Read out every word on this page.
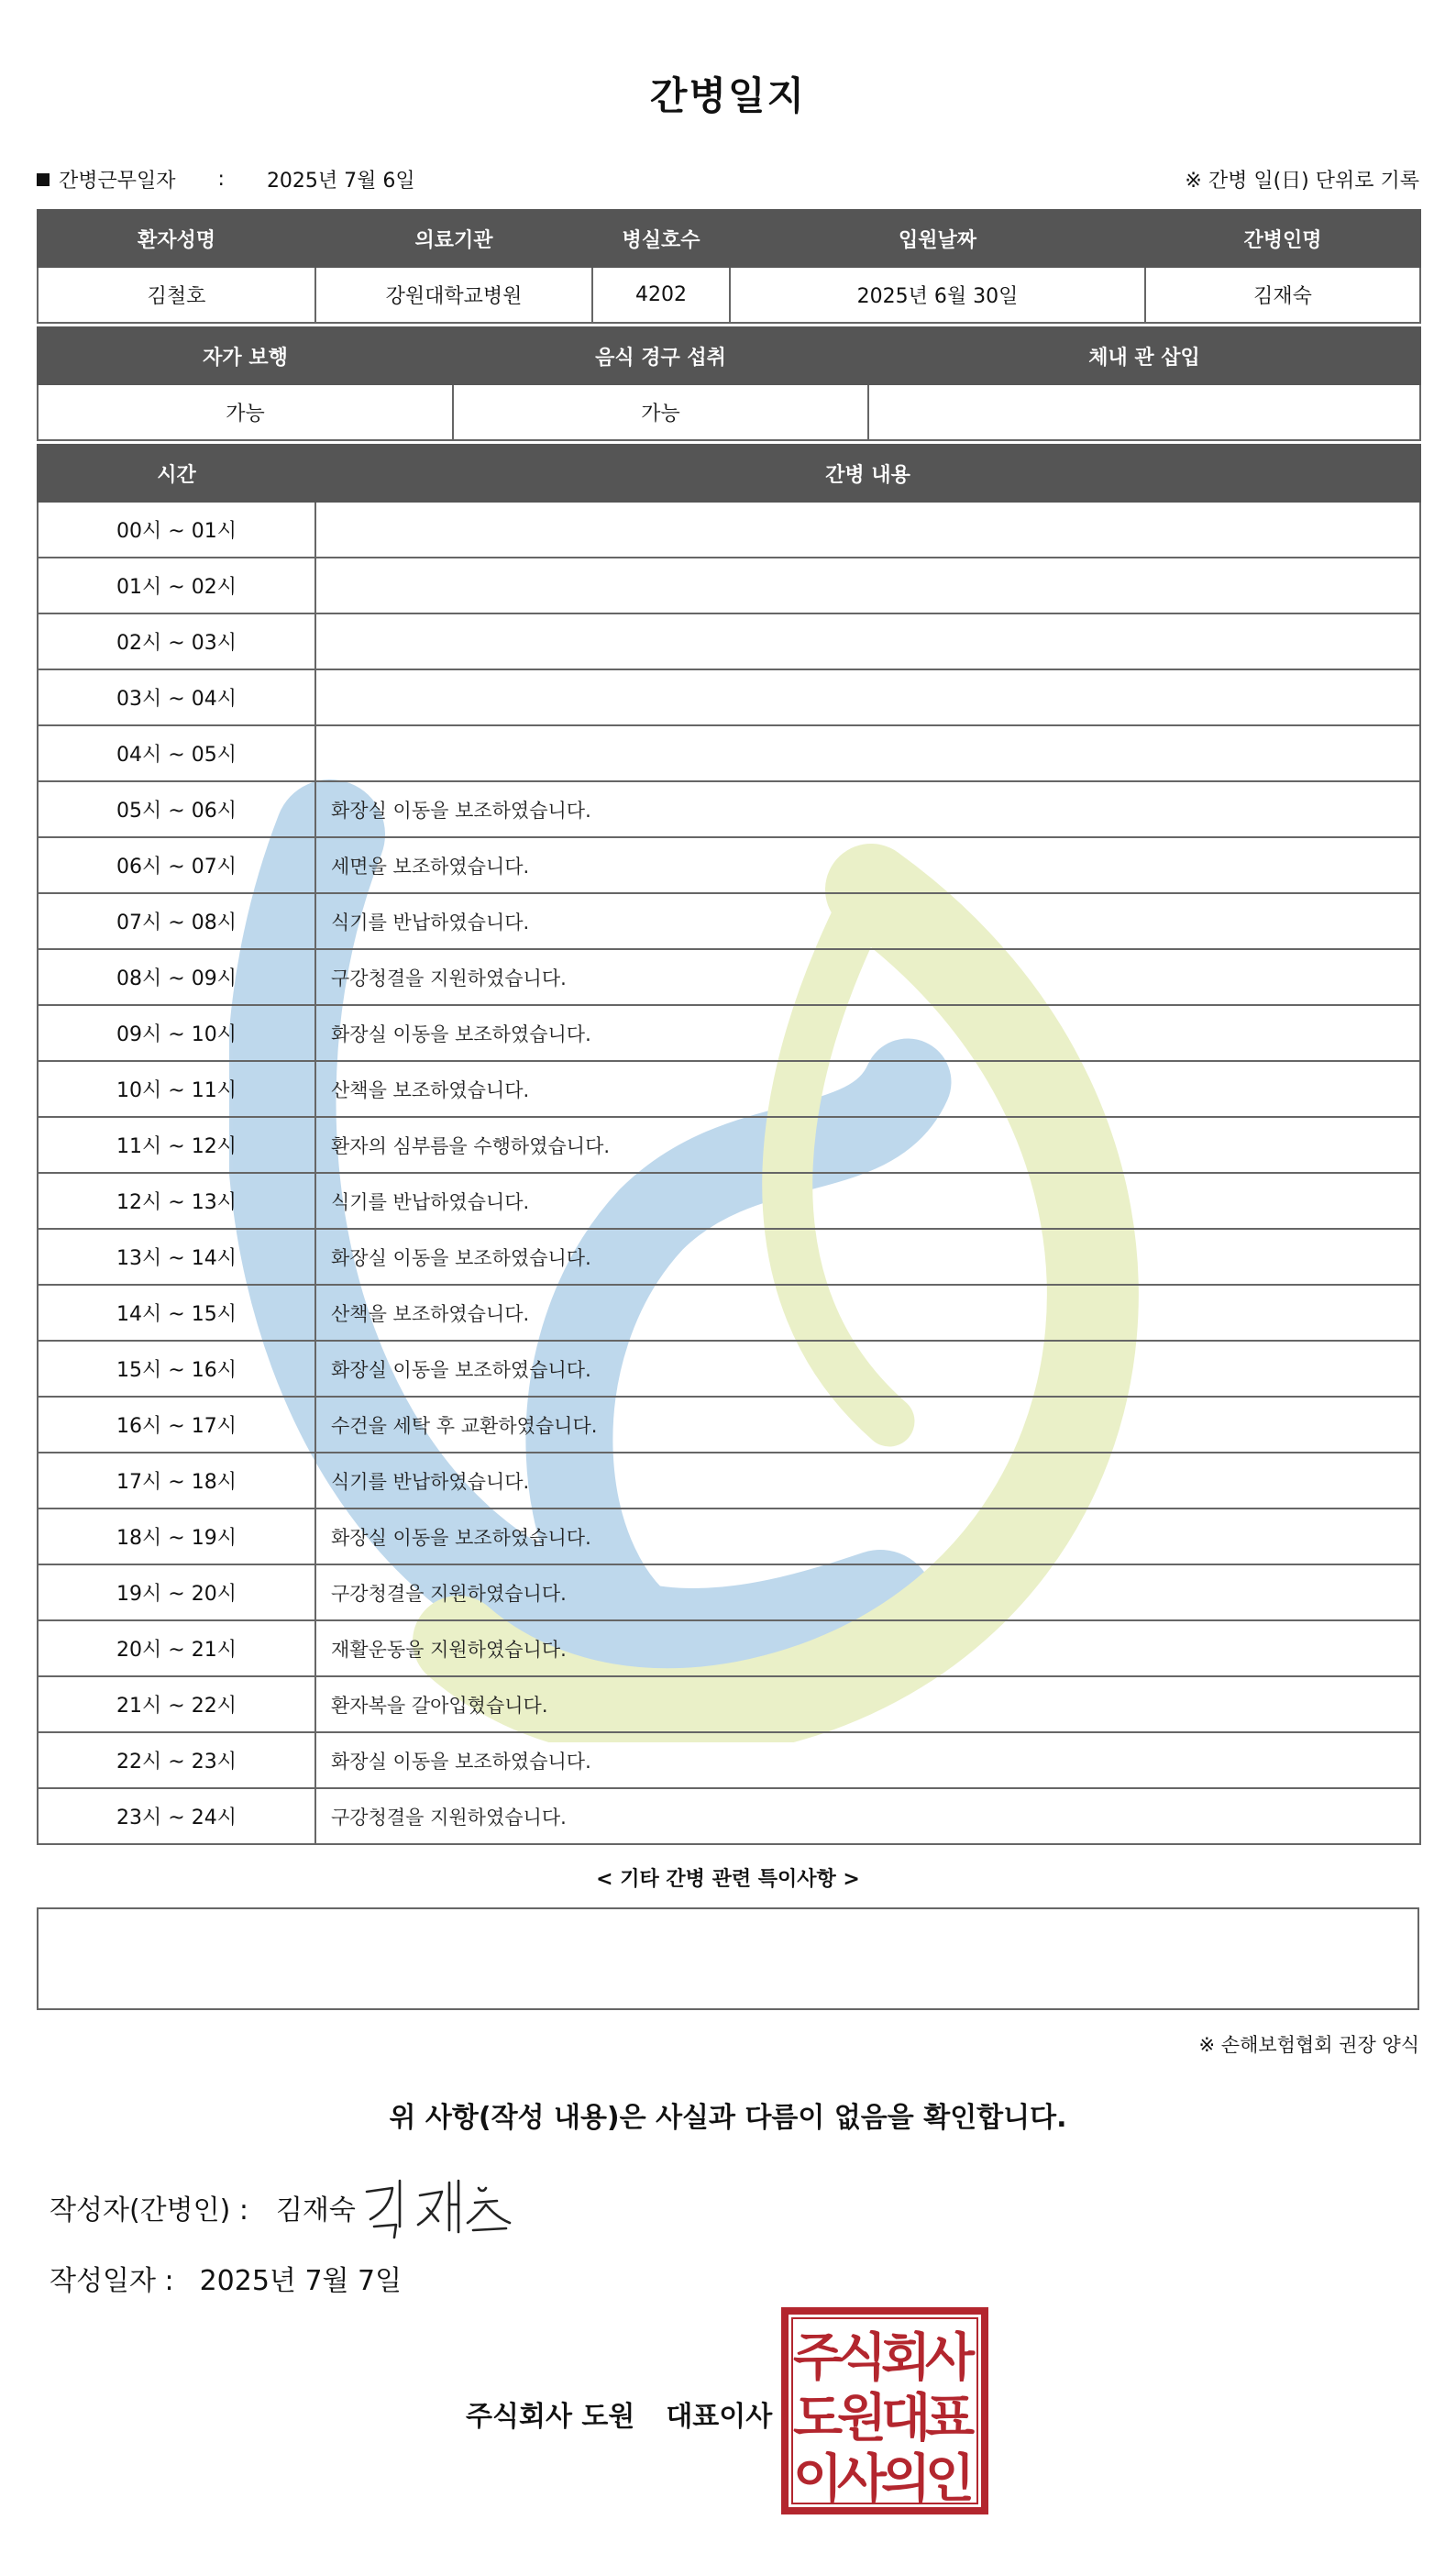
간병일지
간병근무일자 : 2025년 7월 6일	※ 간병 일(日) 단위로 기록
환자성명	의료기관	병실호수	입원날짜	간병인명
김철호	강원대학교병원	4202	2025년 6월 30일	김재숙
자가 보행	음식 경구 섭취	체내 관 삽입
가능	가능	
시간	간병 내용
00시 ~ 01시	
01시 ~ 02시	
02시 ~ 03시	
03시 ~ 04시	
04시 ~ 05시	
05시 ~ 06시	화장실 이동을 보조하였습니다.
06시 ~ 07시	세면을 보조하였습니다.
07시 ~ 08시	식기를 반납하였습니다.
08시 ~ 09시	구강청결을 지원하였습니다.
09시 ~ 10시	화장실 이동을 보조하였습니다.
10시 ~ 11시	산책을 보조하였습니다.
11시 ~ 12시	환자의 심부름을 수행하였습니다.
12시 ~ 13시	식기를 반납하였습니다.
13시 ~ 14시	화장실 이동을 보조하였습니다.
14시 ~ 15시	산책을 보조하였습니다.
15시 ~ 16시	화장실 이동을 보조하였습니다.
16시 ~ 17시	수건을 세탁 후 교환하였습니다.
17시 ~ 18시	식기를 반납하였습니다.
18시 ~ 19시	화장실 이동을 보조하였습니다.
19시 ~ 20시	구강청결을 지원하였습니다.
20시 ~ 21시	재활운동을 지원하였습니다.
21시 ~ 22시	환자복을 갈아입혔습니다.
22시 ~ 23시	화장실 이동을 보조하였습니다.
23시 ~ 24시	구강청결을 지원하였습니다.
< 기타 간병 관련 특이사항 >
※ 손해보험협회 권장 양식
위 사항(작성 내용)은 사실과 다름이 없음을 확인합니다.
작성자(간병인) : 김재숙
작성일자 : 2025년 7월 7일
주식회사 도원 대표이사
주
식
회
사
도
원
대
표
이
사
의
인
